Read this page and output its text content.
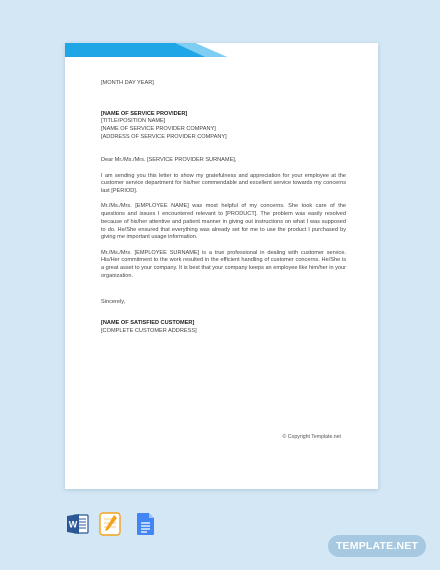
[MONTH DAY YEAR]

[NAME OF SERVICE PROVIDER]

[TITLE/POSITION NAME]

[NAME OF SERVICE PROVIDER COMPANY]

[ADDRESS OF SERVICE PROVIDER COMPANY]

Dear Mr./Ms./Mrs. [SERVICE PROVIDER SURNAME],

I am sending you this letter to show my gratefulness and appreciation for your employee at the customer service department for his/her commendable and excellent service towards my concerns last [PERIOD].

Mr./Ms./Mrs. [EMPLOYEE NAME] was most helpful of my concerns. She took care of the questions and issues I encountered relevant to [PRODUCT]. The problem was easily resolved because of his/her attentive and patient manner in giving out instructions on what I was supposed to do. He/She ensured that everything was already set for me to use the product I purchased by giving me important usage information.

Mr./Ms./Mrs. [EMPLOYEE SURNAME] is a true professional in dealing with customer service. His/Her commitment to the work resulted in the efficient handling of customer concerns. He/She is a great asset to your company. It is best that your company keeps an employee like him/her in your organization.

Sincerely,

[NAME OF SATISFIED CUSTOMER]

[COMPLETE CUSTOMER ADDRESS]

© Copyright Template.net
W
TEMPLATE.NET
